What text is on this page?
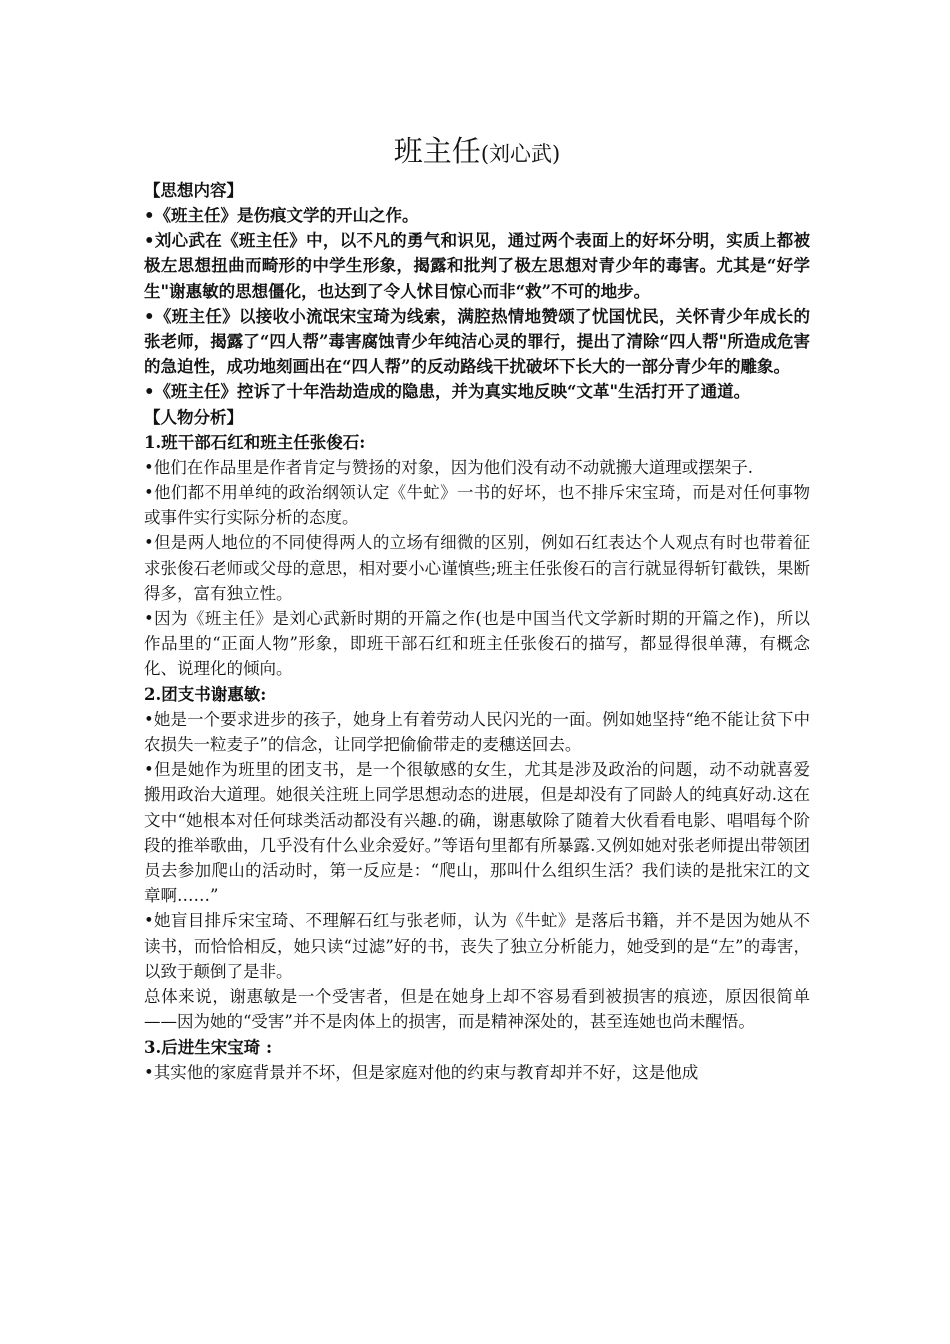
班主任(刘心武)
【思想内容】

•《班主任》是伤痕文学的开山之作。

•刘心武在《班主任》中，以不凡的勇气和识见，通过两个表面上的好坏分明，实质上都被极左思想扭曲而畸形的中学生形象，揭露和批判了极左思想对青少年的毒害。尤其是“好学生"谢惠敏的思想僵化，也达到了令人怵目惊心而非“救”不可的地步。

•《班主任》以接收小流氓宋宝琦为线索，满腔热情地赞颂了忧国忧民，关怀青少年成长的张老师，揭露了“四人帮”毒害腐蚀青少年纯洁心灵的罪行，提出了清除“四人帮"所造成危害的急迫性，成功地刻画出在“四人帮”的反动路线干扰破坏下长大的一部分青少年的雕象。

•《班主任》控诉了十年浩劫造成的隐患，并为真实地反映“文革"生活打开了通道。

【人物分析】

1.班干部石红和班主任张俊石:

•他们在作品里是作者肯定与赞扬的对象，因为他们没有动不动就搬大道理或摆架子.

•他们都不用单纯的政治纲领认定《牛虻》一书的好坏，也不排斥宋宝琦，而是对任何事物或事件实行实际分析的态度。

•但是两人地位的不同使得两人的立场有细微的区别，例如石红表达个人观点有时也带着征求张俊石老师或父母的意思，相对要小心谨慎些;班主任张俊石的言行就显得斩钉截铁，果断得多，富有独立性。

•因为《班主任》是刘心武新时期的开篇之作(也是中国当代文学新时期的开篇之作)，所以作品里的“正面人物”形象，即班干部石红和班主任张俊石的描写，都显得很单薄，有概念化、说理化的倾向。

2.团支书谢惠敏:

•她是一个要求进步的孩子，她身上有着劳动人民闪光的一面。例如她坚持“绝不能让贫下中农损失一粒麦子”的信念，让同学把偷偷带走的麦穗送回去。

•但是她作为班里的团支书，是一个很敏感的女生，尤其是涉及政治的问题，动不动就喜爱搬用政治大道理。她很关注班上同学思想动态的进展，但是却没有了同龄人的纯真好动.这在文中“她根本对任何球类活动都没有兴趣.的确，谢惠敏除了随着大伙看看电影、唱唱每个阶段的推举歌曲，几乎没有什么业余爱好。”等语句里都有所暴露.又例如她对张老师提出带领团员去参加爬山的活动时，第一反应是：“爬山，那叫什么组织生活？我们读的是批宋江的文章啊……”

•她盲目排斥宋宝琦、不理解石红与张老师，认为《牛虻》是落后书籍，并不是因为她从不读书，而恰恰相反，她只读“过滤”好的书，丧失了独立分析能力，她受到的是“左”的毒害，以致于颠倒了是非。

总体来说，谢惠敏是一个受害者，但是在她身上却不容易看到被损害的痕迹，原因很简单——因为她的“受害”并不是肉体上的损害，而是精神深处的，甚至连她也尚未醒悟。

3.后进生宋宝琦 :

•其实他的家庭背景并不坏，但是家庭对他的约束与教育却并不好，这是他成
